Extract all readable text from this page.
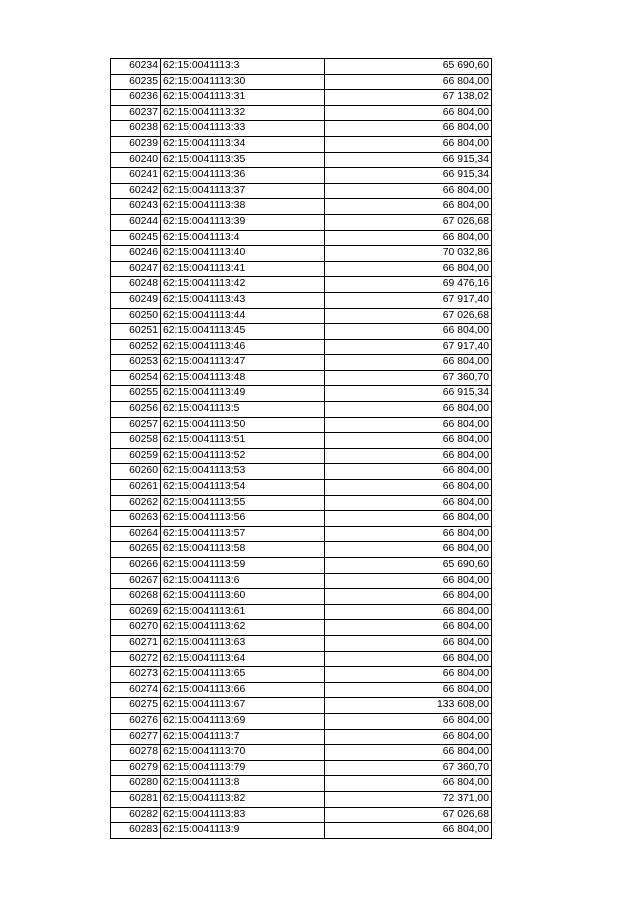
60234	62:15:0041113:3	65 690,60
60235	62:15:0041113:30	66 804,00
60236	62:15:0041113:31	67 138,02
60237	62:15:0041113:32	66 804,00
60238	62:15:0041113:33	66 804,00
60239	62:15:0041113:34	66 804,00
60240	62:15:0041113:35	66 915,34
60241	62:15:0041113:36	66 915,34
60242	62:15:0041113:37	66 804,00
60243	62:15:0041113:38	66 804,00
60244	62:15:0041113:39	67 026,68
60245	62:15:0041113:4	66 804,00
60246	62:15:0041113:40	70 032,86
60247	62:15:0041113:41	66 804,00
60248	62:15:0041113:42	69 476,16
60249	62:15:0041113:43	67 917,40
60250	62:15:0041113:44	67 026,68
60251	62:15:0041113:45	66 804,00
60252	62:15:0041113:46	67 917,40
60253	62:15:0041113:47	66 804,00
60254	62:15:0041113:48	67 360,70
60255	62:15:0041113:49	66 915,34
60256	62:15:0041113:5	66 804,00
60257	62:15:0041113:50	66 804,00
60258	62:15:0041113:51	66 804,00
60259	62:15:0041113:52	66 804,00
60260	62:15:0041113:53	66 804,00
60261	62:15:0041113:54	66 804,00
60262	62:15:0041113:55	66 804,00
60263	62:15:0041113:56	66 804,00
60264	62:15:0041113:57	66 804,00
60265	62:15:0041113:58	66 804,00
60266	62:15:0041113:59	65 690,60
60267	62:15:0041113:6	66 804,00
60268	62:15:0041113:60	66 804,00
60269	62:15:0041113:61	66 804,00
60270	62:15:0041113:62	66 804,00
60271	62:15:0041113:63	66 804,00
60272	62:15:0041113:64	66 804,00
60273	62:15:0041113:65	66 804,00
60274	62:15:0041113:66	66 804,00
60275	62:15:0041113:67	133 608,00
60276	62:15:0041113:69	66 804,00
60277	62:15:0041113:7	66 804,00
60278	62:15:0041113:70	66 804,00
60279	62:15:0041113:79	67 360,70
60280	62:15:0041113:8	66 804,00
60281	62:15:0041113:82	72 371,00
60282	62:15:0041113:83	67 026,68
60283	62:15:0041113:9	66 804,00
